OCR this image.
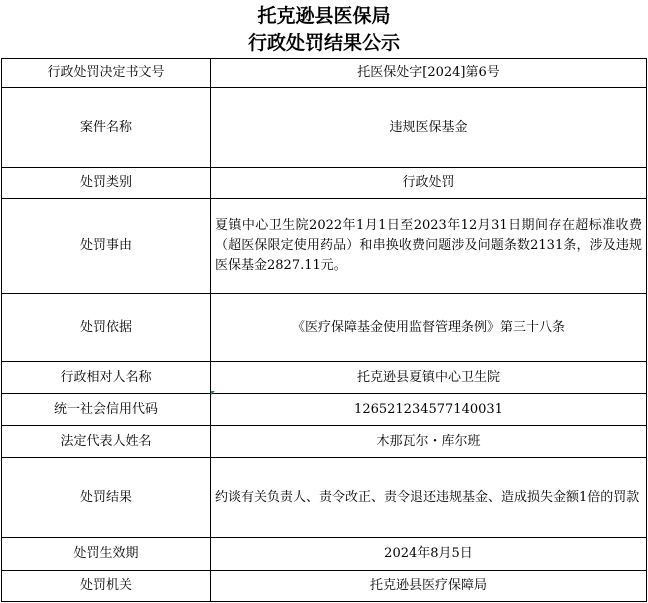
托克逊县医保局
行政处罚结果公示
行政处罚决定书文号	托医保处字[2024]第6号
案件名称	违规医保基金
处罚类别	行政处罚
处罚事由	夏镇中心卫生院2022年1月1日至2023年12月31日期间存在超标准收费（超医保限定使用药品）和串换收费问题涉及问题条数2131条，涉及违规医保基金2827.11元。
处罚依据	《医疗保障基金使用监督管理条例》第三十八条
行政相对人名称	托克逊县夏镇中心卫生院
统一社会信用代码	126521234577140031
法定代表人姓名	木那瓦尔・库尔班
处罚结果	约谈有关负责人、责令改正、责令退还违规基金、造成损失金额1倍的罚款
处罚生效期	2024年8月5日
处罚机关	托克逊县医疗保障局
